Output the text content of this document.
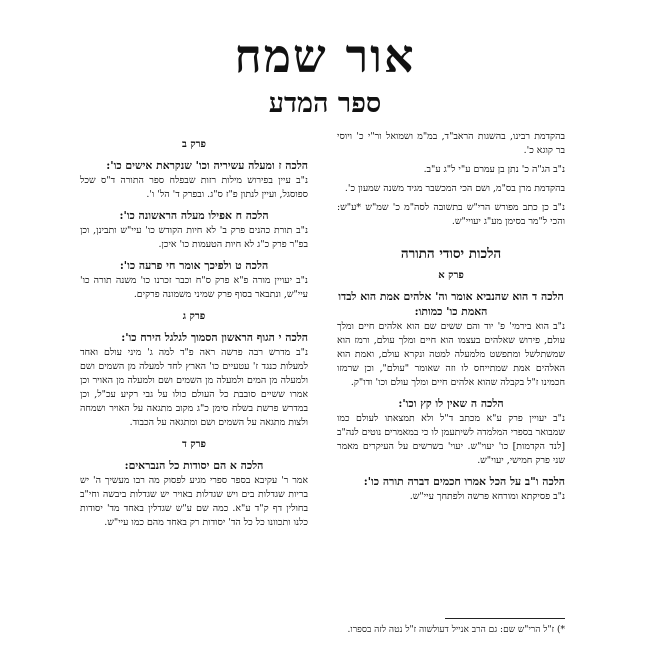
אור שמח
ספר המדע

בהקדמת רבינו, בהשגות הראב"ד, במ"מ ושמואל ור"י כ' ויוסי בר קוגא כ'.

נ"ב הג"ה כ' נתן בן עמרם ע"י ל"ג ע"ב.

בהקדמת מרן בס"מ, ושם הכי המכשבר מגיד משנה שמעון כ'.

נ"ב כן כתב מפורש הרי"ש בתשובה לסה"מ כ' שמ"ש *ע"ש: והכי ל"מר בסימן מע"ג יעויי"ש.

הלכות יסודי התורה
פרק א
הלכה ד הוא שהנביא אומר וה' אלהים אמת הוא לבדו האמת כו' כמותו:

נ"ב הוא בירמי' פ' יוד והם ששים שם הוא אלהים חיים ומלך עולם, פירוש שאלהים בעצמו הוא חיים ומלך עולם, ורמז הוא שמשתלשל ומתפשט מלמעלה למטה ונקרא עולם, ואמת הוא האלהים אמת שמתייחס לו וזה שאומר "עולם", וכן שרמזו חכמינו ז"ל בקבלה שהוא אלהים חיים ומלך עולם וכו' ודו"ק.

הלכה ה שאין לו קץ וכו':

נ"ב יעויין פרק ע"א מכתב ד"ל ולא תמצאתו לעולם כמו שמבואר בספרי המלמדה לשיתעמן לו כי במאמרים נוטים לנה"ב [לנד הקדמות] כו' יעוי"ש. יעוי' בשרשים על העיקרים מאמר שני פרק חמישי, יעוי"ש.

הלכה ו"ב על הכל אמרו חכמים דברה תורה כו':

נ"ב פסיקתא ומורחא פרשה ולפתחך עיי"ש.

פרק ב
הלכה ז ומעלה עשיריה וכו' שנקראת אישים כו':

נ"ב עיין בפירוש מילות רזות שבפלח ספר התורה ד"ס שכל ספוסגל, ועיין לנתון פ"ז ס"ג. ובפרק ד' הל' ו'.

הלכה ח אפילו מעלה הראשונה כו':

נ"ב תורת כהנים פרק ב' לא חיות הקודש כו' עיי"ש ותבינן, וכן בפ"ר פרק כ"ג לא חיות הטעמות כו' איכן.

הלכה ט ולפיכך אומר חי פרעה כו':

נ"ב יעויין מורה פ"א פרק ס"ח וכבר זכרנו כו' משנה תורה כו' עיי"ש, ונתבאר בסוף פרק שמיני משמונה פרקים.

פרק ג
הלכה י הגוף הראשון הסמוך לגלגל הירח כו':

נ"ב מדרש רבה פרשה ראה פ"ד למה ג' מיני עולם ואחד למעלות כנגד ז' עטעיים כו' הארץ לחד למעלה מן השמים ושם ולמעלה מן המים ולמעלה מן השמים ושם ולמעלה מן האויר וכן אמרו ששיים סובבת כל העולם כולו על גבי רקיע עכ"ל, וכן במדרש פרשת בשלח סימן כ"ג מקוב מתגאה על האויר ושמחה ולצות מתגאה על השמים ושם ומתגאה על הכבוד.

פרק ד
הלכה א הם יסודות כל הנבראים:

אמר ר' עקיבא בספר ספרי מגיע לפסוק מה רבו מעשיך ה' יש בריות שגדלות בים ויש שגדלות באויר יש שגדלות ביבשה וחי"ב בחולין דף ק"ד ע"א. כמה שם ע"ש שגדלין באחד מד' יסודות כלנו ותכוונו כל כל הד' יסודות רק באחד מהם כמו עיי"ש.

*) ז"ל הרי"ש שם: גם הרב אנייל דעולשוה ז"ל נטה לזה בספרו.
